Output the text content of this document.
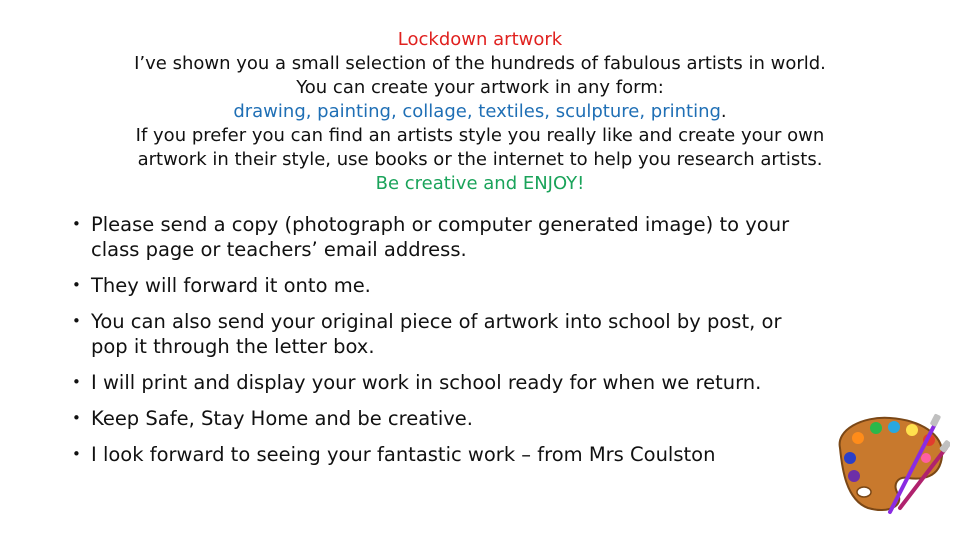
Lockdown artwork
I’ve shown you a small selection of the hundreds of fabulous artists in world.
You can create your artwork in any form:
drawing, painting, collage, textiles, sculpture, printing.
If you prefer you can find an artists style you really like and create your own
artwork in their style, use books or the internet to help you research artists.
Be creative and ENJOY!
• Please send a copy (photograph or computer generated image) to your
class page or teachers’ email address.
• They will forward it onto me.
• You can also send your original piece of artwork into school by post, or
pop it through the letter box.
• I will print and display your work in school ready for when we return.
• Keep Safe, Stay Home and be creative.
• I look forward to seeing your fantastic work – from Mrs Coulston
